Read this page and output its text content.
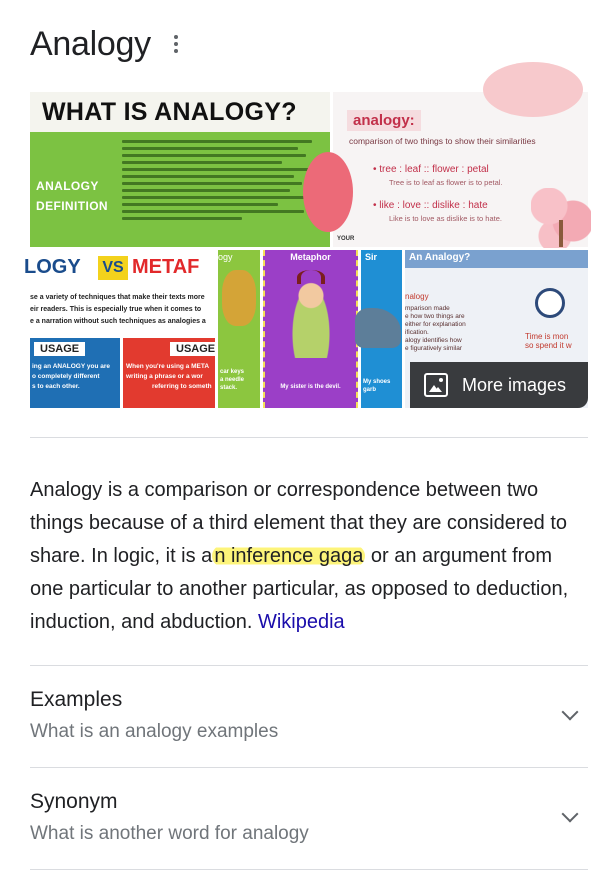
Analogy
WHAT IS ANALOGY?
ANALOGY
DEFINITION
analogy:
comparison of two things to show their similarities
• tree : leaf :: flower : petal
Tree is to leaf as flower is to petal.
• like : love :: dislike : hate
Like is to love as dislike is to hate.
YOUR
LOGY VS METAF
se a variety of techniques that make their texts more
eir readers. This is especially true when it comes to
e a narration without such techniques as analogies a
USAGE	USAGE
ing an ANALOGY you are
o completely different
s to each other.
When you're using a META
writing a phrase or a wor
referring to someth
ogy
car keys
a needle
stack.
Metaphor
My sister is the devil.
Sir
My shoes
garb
An Analogy?
nalogy
mparison made
e how two things are
either for explanation
ification.
alogy identifies how
e figuratively similar
Time is mon
so spend it w
More images

Analogy is a comparison or correspondence between two things because of a third element that they are considered to share. In logic, it is a n inference gaga or an argument from one particular to another particular, as opposed to deduction, induction, and abduction. Wikipedia

Examples
What is an analogy examples
Synonym
What is another word for analogy
